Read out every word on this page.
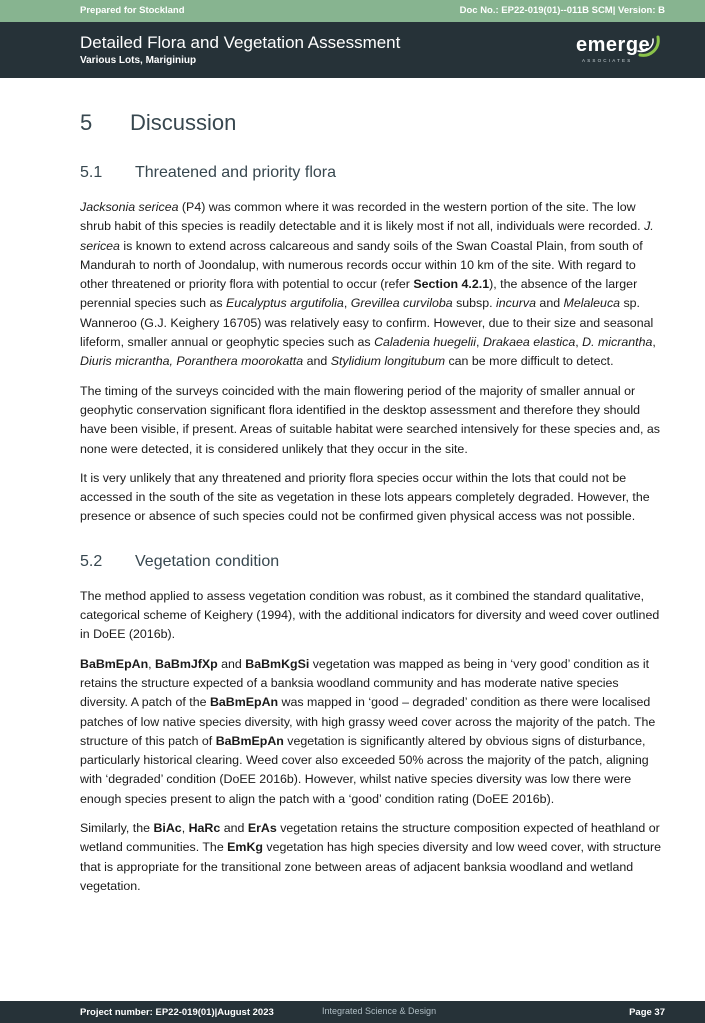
Prepared for Stockland	Doc No.: EP22-019(01)--011B SCM| Version: B
Detailed Flora and Vegetation Assessment
Various Lots, Mariginiup
emerge
ASSOCIATES
5	Discussion
5.1	Threatened and priority flora

Jacksonia sericea (P4) was common where it was recorded in the western portion of the site. The low shrub habit of this species is readily detectable and it is likely most if not all, individuals were recorded. J. sericea is known to extend across calcareous and sandy soils of the Swan Coastal Plain, from south of Mandurah to north of Joondalup, with numerous records occur within 10 km of the site. With regard to other threatened or priority flora with potential to occur (refer Section 4.2.1), the absence of the larger perennial species such as Eucalyptus argutifolia, Grevillea curviloba subsp. incurva and Melaleuca sp. Wanneroo (G.J. Keighery 16705) was relatively easy to confirm. However, due to their size and seasonal lifeform, smaller annual or geophytic species such as Caladenia huegelii, Drakaea elastica, D. micrantha, Diuris micrantha, Poranthera moorokatta and Stylidium longitubum can be more difficult to detect.

The timing of the surveys coincided with the main flowering period of the majority of smaller annual or geophytic conservation significant flora identified in the desktop assessment and therefore they should have been visible, if present. Areas of suitable habitat were searched intensively for these species and, as none were detected, it is considered unlikely that they occur in the site.

It is very unlikely that any threatened and priority flora species occur within the lots that could not be accessed in the south of the site as vegetation in these lots appears completely degraded. However, the presence or absence of such species could not be confirmed given physical access was not possible.

5.2	Vegetation condition

The method applied to assess vegetation condition was robust, as it combined the standard qualitative, categorical scheme of Keighery (1994), with the additional indicators for diversity and weed cover outlined in DoEE (2016b).

BaBmEpAn, BaBmJfXp and BaBmKgSi vegetation was mapped as being in ‘very good’ condition as it retains the structure expected of a banksia woodland community and has moderate native species diversity. A patch of the BaBmEpAn was mapped in ‘good – degraded’ condition as there were localised patches of low native species diversity, with high grassy weed cover across the majority of the patch. The structure of this patch of BaBmEpAn vegetation is significantly altered by obvious signs of disturbance, particularly historical clearing. Weed cover also exceeded 50% across the majority of the patch, aligning with ‘degraded’ condition (DoEE 2016b). However, whilst native species diversity was low there were enough species present to align the patch with a ‘good’ condition rating (DoEE 2016b).

Similarly, the BiAc, HaRc and ErAs vegetation retains the structure composition expected of heathland or wetland communities. The EmKg vegetation has high species diversity and low weed cover, with structure that is appropriate for the transitional zone between areas of adjacent banksia woodland and wetland vegetation.

Project number: EP22-019(01)|August 2023	Integrated Science & Design	Page 37
